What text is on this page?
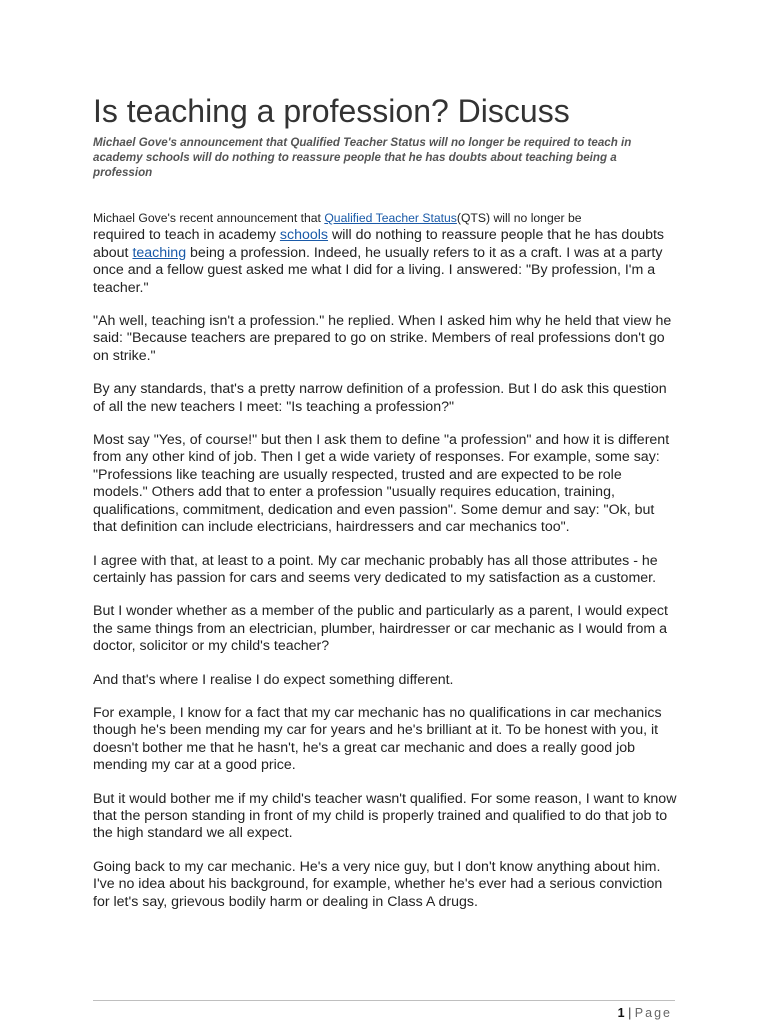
Is teaching a profession? Discuss

Michael Gove's announcement that Qualified Teacher Status will no longer be required to teach in academy schools will do nothing to reassure people that he has doubts about teaching being a profession

Michael Gove's recent announcement that Qualified Teacher Status(QTS) will no longer be
required to teach in academy schools will do nothing to reassure people that he has doubts about teaching being a profession. Indeed, he usually refers to it as a craft. I was at a party once and a fellow guest asked me what I did for a living. I answered: "By profession, I'm a teacher."

"Ah well, teaching isn't a profession." he replied. When I asked him why he held that view he said: "Because teachers are prepared to go on strike. Members of real professions don't go on strike."

By any standards, that's a pretty narrow definition of a profession. But I do ask this question of all the new teachers I meet: "Is teaching a profession?"

Most say "Yes, of course!" but then I ask them to define "a profession" and how it is different from any other kind of job. Then I get a wide variety of responses. For example, some say: "Professions like teaching are usually respected, trusted and are expected to be role models." Others add that to enter a profession "usually requires education, training, qualifications, commitment, dedication and even passion". Some demur and say: "Ok, but that definition can include electricians, hairdressers and car mechanics too".

I agree with that, at least to a point. My car mechanic probably has all those attributes - he certainly has passion for cars and seems very dedicated to my satisfaction as a customer.

But I wonder whether as a member of the public and particularly as a parent, I would expect the same things from an electrician, plumber, hairdresser or car mechanic as I would from a doctor, solicitor or my child's teacher?

And that's where I realise I do expect something different.

For example, I know for a fact that my car mechanic has no qualifications in car mechanics though he's been mending my car for years and he's brilliant at it. To be honest with you, it doesn't bother me that he hasn't, he's a great car mechanic and does a really good job mending my car at a good price.

But it would bother me if my child's teacher wasn't qualified. For some reason, I want to know that the person standing in front of my child is properly trained and qualified to do that job to the high standard we all expect.

Going back to my car mechanic. He's a very nice guy, but I don't know anything about him. I've no idea about his background, for example, whether he's ever had a serious conviction for let's say, grievous bodily harm or dealing in Class A drugs.

1 | Page
